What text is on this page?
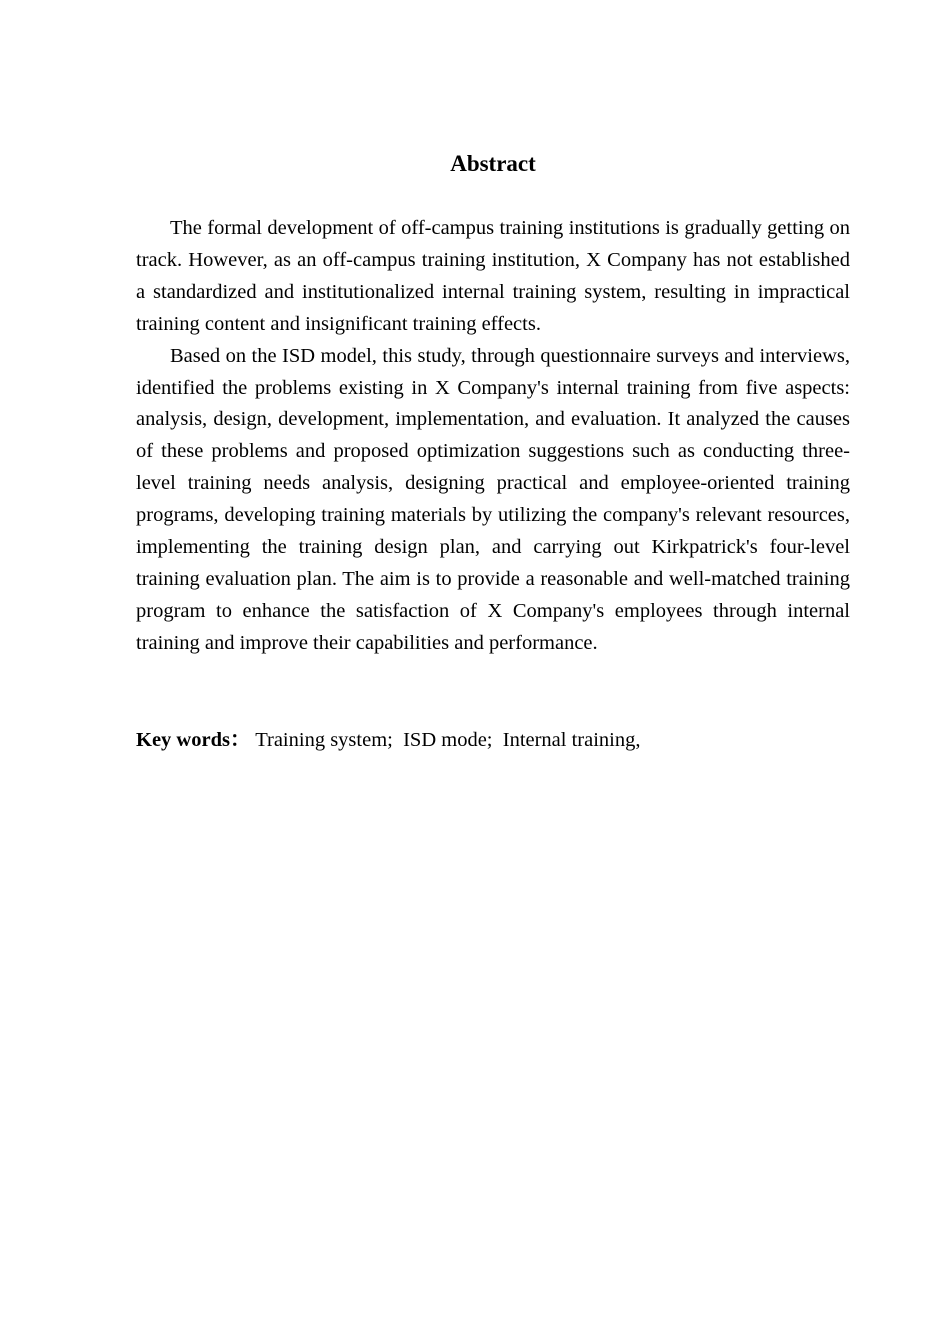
Abstract

The formal development of off-campus training institutions is gradually getting on track. However, as an off-campus training institution, X Company has not established a standardized and institutionalized internal training system, resulting in impractical training content and insignificant training effects.

Based on the ISD model, this study, through questionnaire surveys and interviews, identified the problems existing in X Company's internal training from five aspects: analysis, design, development, implementation, and evaluation. It analyzed the causes of these problems and proposed optimization suggestions such as conducting three-level training needs analysis, designing practical and employee-oriented training programs, developing training materials by utilizing the company's relevant resources, implementing the training design plan, and carrying out Kirkpatrick's four-level training evaluation plan. The aim is to provide a reasonable and well-matched training program to enhance the satisfaction of X Company's employees through internal training and improve their capabilities and performance.

Key words： Training system;  ISD mode;  Internal training,
